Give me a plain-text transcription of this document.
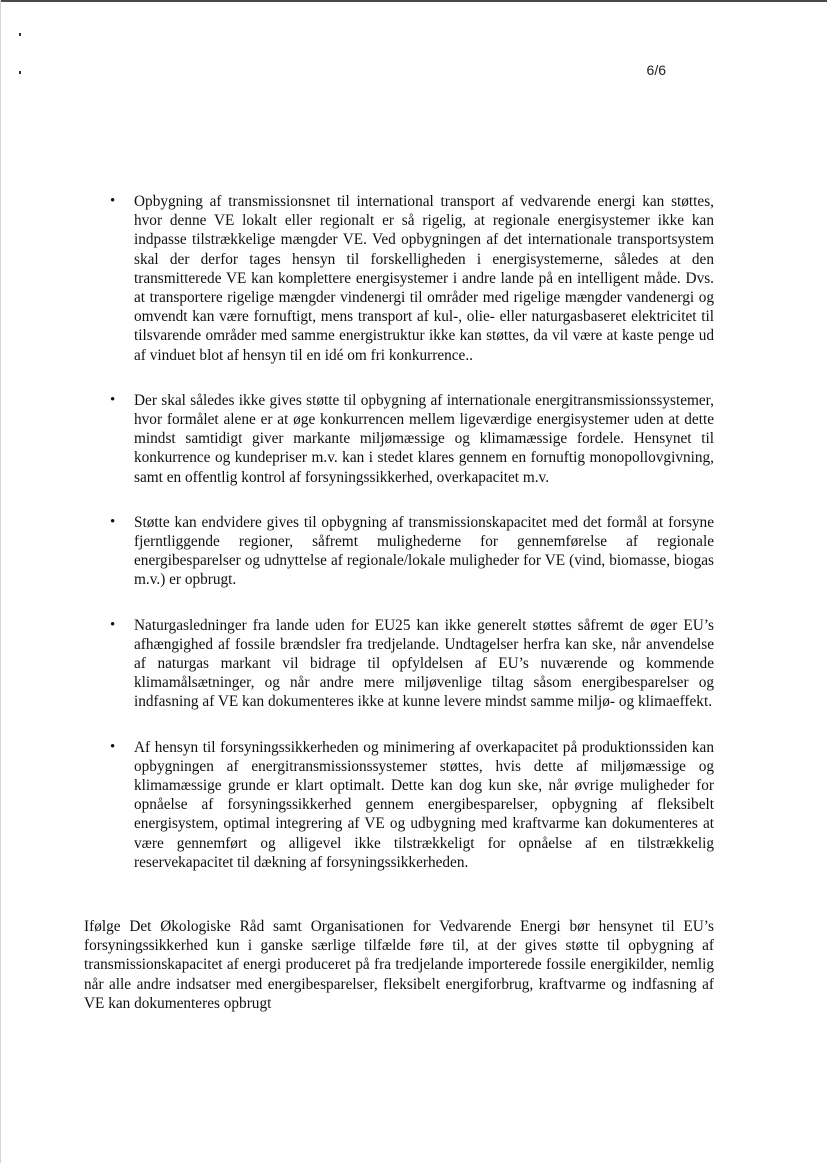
6/6
• Opbygning af transmissionsnet til international transport af vedvarende energi kan støttes, hvor denne VE lokalt eller regionalt er så rigelig, at regionale energisystemer ikke kan indpasse tilstrækkelige mængder VE. Ved opbygningen af det internationale transportsystem skal der derfor tages hensyn til forskelligheden i energisystemerne, således at den transmitterede VE kan komplettere energisystemer i andre lande på en intelligent måde. Dvs. at transportere rigelige mængder vindenergi til områder med rigelige mængder vandenergi og omvendt kan være fornuftigt, mens transport af kul-, olie- eller naturgasbaseret elektricitet til tilsvarende områder med samme energistruktur ikke kan støttes, da vil være at kaste penge ud af vinduet blot af hensyn til en idé om fri konkurrence..
• Der skal således ikke gives støtte til opbygning af internationale energitransmissionssystemer, hvor formålet alene er at øge konkurrencen mellem ligeværdige energisystemer uden at dette mindst samtidigt giver markante miljømæssige og klimamæssige fordele. Hensynet til konkurrence og kundepriser m.v. kan i stedet klares gennem en fornuftig monopollovgivning, samt en offentlig kontrol af forsyningssikkerhed, overkapacitet m.v.
• Støtte kan endvidere gives til opbygning af transmissionskapacitet med det formål at forsyne fjerntliggende regioner, såfremt mulighederne for gennemførelse af regionale energibesparelser og udnyttelse af regionale/lokale muligheder for VE (vind, biomasse, biogas m.v.) er opbrugt.
• Naturgasledninger fra lande uden for EU25 kan ikke generelt støttes såfremt de øger EU’s afhængighed af fossile brændsler fra tredjelande. Undtagelser herfra kan ske, når anvendelse af naturgas markant vil bidrage til opfyldelsen af EU’s nuværende og kommende klimamålsætninger, og når andre mere miljøvenlige tiltag såsom energibesparelser og indfasning af VE kan dokumenteres ikke at kunne levere mindst samme miljø- og klimaeffekt.
• Af hensyn til forsyningssikkerheden og minimering af overkapacitet på produktionssiden kan opbygningen af energitransmissionssystemer støttes, hvis dette af miljømæssige og klimamæssige grunde er klart optimalt. Dette kan dog kun ske, når øvrige muligheder for opnåelse af forsyningssikkerhed gennem energibesparelser, opbygning af fleksibelt energisystem, optimal integrering af VE og udbygning med kraftvarme kan dokumenteres at være gennemført og alligevel ikke tilstrækkeligt for opnåelse af en tilstrækkelig reservekapacitet til dækning af forsyningssikkerheden.

Ifølge Det Økologiske Råd samt Organisationen for Vedvarende Energi bør hensynet til EU’s forsyningssikkerhed kun i ganske særlige tilfælde føre til, at der gives støtte til opbygning af transmissionskapacitet af energi produceret på fra tredjelande importerede fossile energikilder, nemlig når alle andre indsatser med energibesparelser, fleksibelt energiforbrug, kraftvarme og indfasning af VE kan dokumenteres opbrugt
